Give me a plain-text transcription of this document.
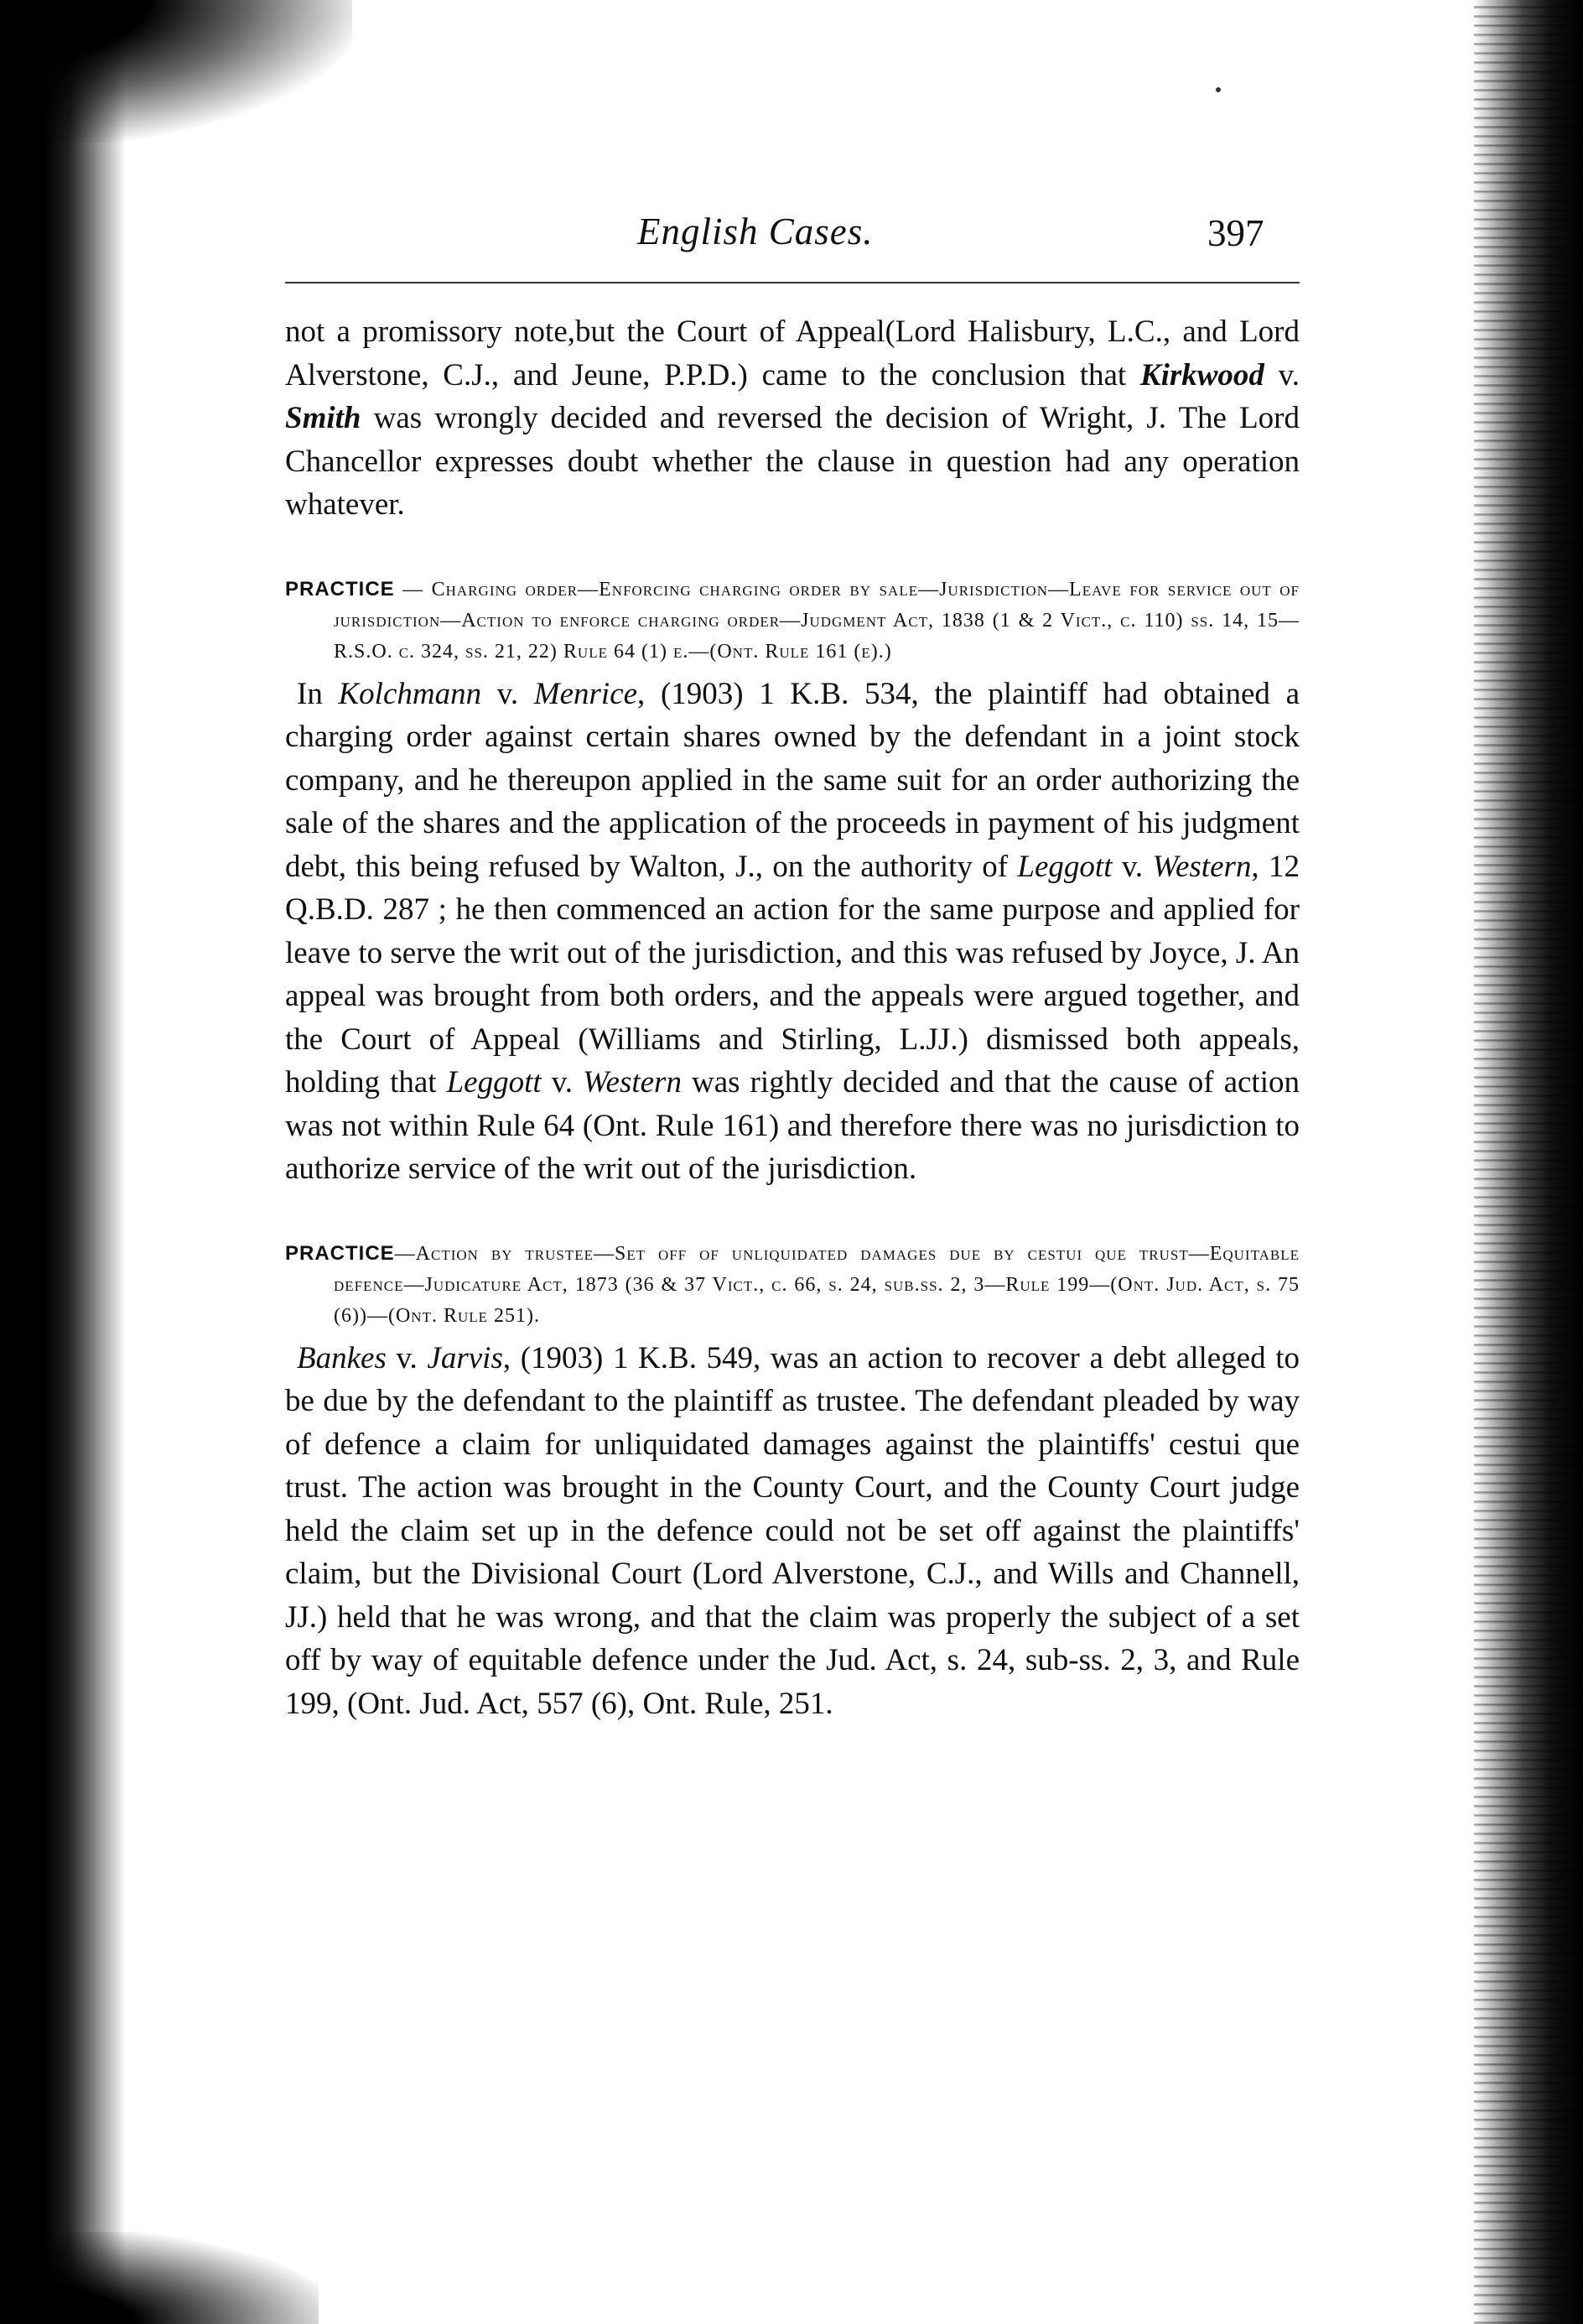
English Cases.	397

not a promissory note,but the Court of Appeal(Lord Halisbury, L.C., and Lord Alverstone, C.J., and Jeune, P.P.D.) came to the conclusion that Kirkwood v. Smith was wrongly decided and reversed the decision of Wright, J. The Lord Chancellor expresses doubt whether the clause in question had any operation whatever.

PRACTICE — Charging order—Enforcing charging order by sale—Jurisdiction—Leave for service out of jurisdiction—Action to enforce charging order—Judgment Act, 1838 (1 & 2 Vict., c. 110) ss. 14, 15—R.S.O. c. 324, ss. 21, 22) Rule 64 (1) e.—(Ont. Rule 161 (e).)

In Kolchmann v. Menrice, (1903) 1 K.B. 534, the plaintiff had obtained a charging order against certain shares owned by the defendant in a joint stock company, and he thereupon applied in the same suit for an order authorizing the sale of the shares and the application of the proceeds in payment of his judgment debt, this being refused by Walton, J., on the authority of Leggott v. Western, 12 Q.B.D. 287 ; he then commenced an action for the same purpose and applied for leave to serve the writ out of the jurisdiction, and this was refused by Joyce, J. An appeal was brought from both orders, and the appeals were argued together, and the Court of Appeal (Williams and Stirling, L.JJ.) dismissed both appeals, holding that Leggott v. Western was rightly decided and that the cause of action was not within Rule 64 (Ont. Rule 161) and therefore there was no jurisdiction to authorize service of the writ out of the jurisdiction.

PRACTICE—Action by trustee—Set off of unliquidated damages due by cestui que trust—Equitable defence—Judicature Act, 1873 (36 & 37 Vict., c. 66, s. 24, sub.ss. 2, 3—Rule 199—(Ont. Jud. Act, s. 75 (6))—(Ont. Rule 251).

Bankes v. Jarvis, (1903) 1 K.B. 549, was an action to recover a debt alleged to be due by the defendant to the plaintiff as trustee. The defendant pleaded by way of defence a claim for unliquidated damages against the plaintiffs' cestui que trust. The action was brought in the County Court, and the County Court judge held the claim set up in the defence could not be set off against the plaintiffs' claim, but the Divisional Court (Lord Alverstone, C.J., and Wills and Channell, JJ.) held that he was wrong, and that the claim was properly the subject of a set off by way of equitable defence under the Jud. Act, s. 24, sub-ss. 2, 3, and Rule 199, (Ont. Jud. Act, 557 (6), Ont. Rule, 251.
